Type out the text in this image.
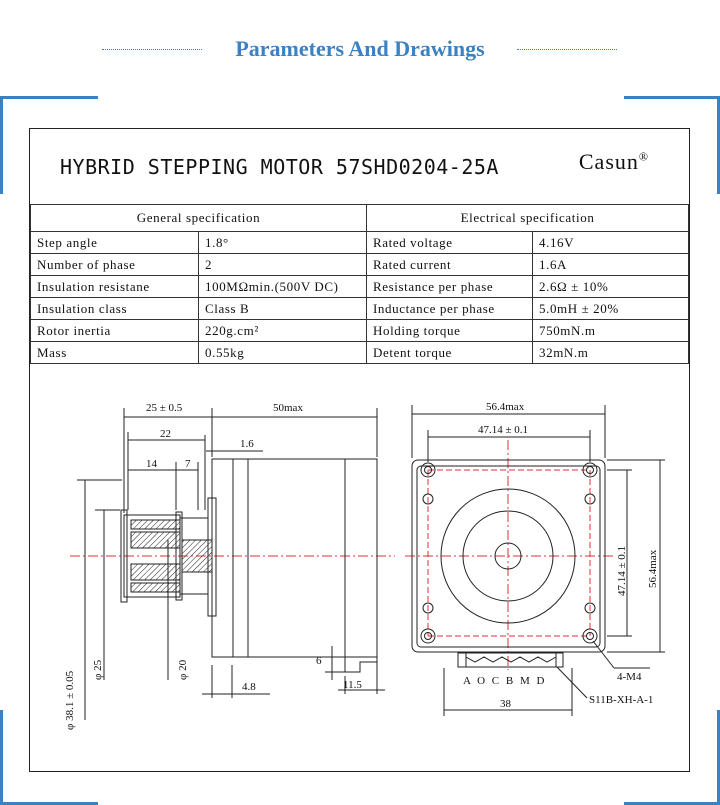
Parameters And Drawings
HYBRID STEPPING MOTOR 57SHD0204-25A	Casun®
General specification		Electrical specification	
Step angle	1.8°	Rated voltage	4.16V
Number of phase	2	Rated current	1.6A
Insulation resistane	100MΩmin.(500V DC)	Resistance per phase	2.6Ω ± 10%
Insulation class	Class B	Inductance per phase	5.0mH ± 20%
Rotor inertia	220g.cm²	Holding torque	750mN.m
Mass	0.55kg	Detent torque	32mN.m
25 ± 0.5	50max
22
1.6
14	7
6
4.8	11.5
φ 38.1 ± 0.05
φ 25	φ 20
56.4max
47.14 ± 0.1
47.14 ± 0.1 56.4max
4-M4
A O C B M D
S11B-XH-A-1
38
